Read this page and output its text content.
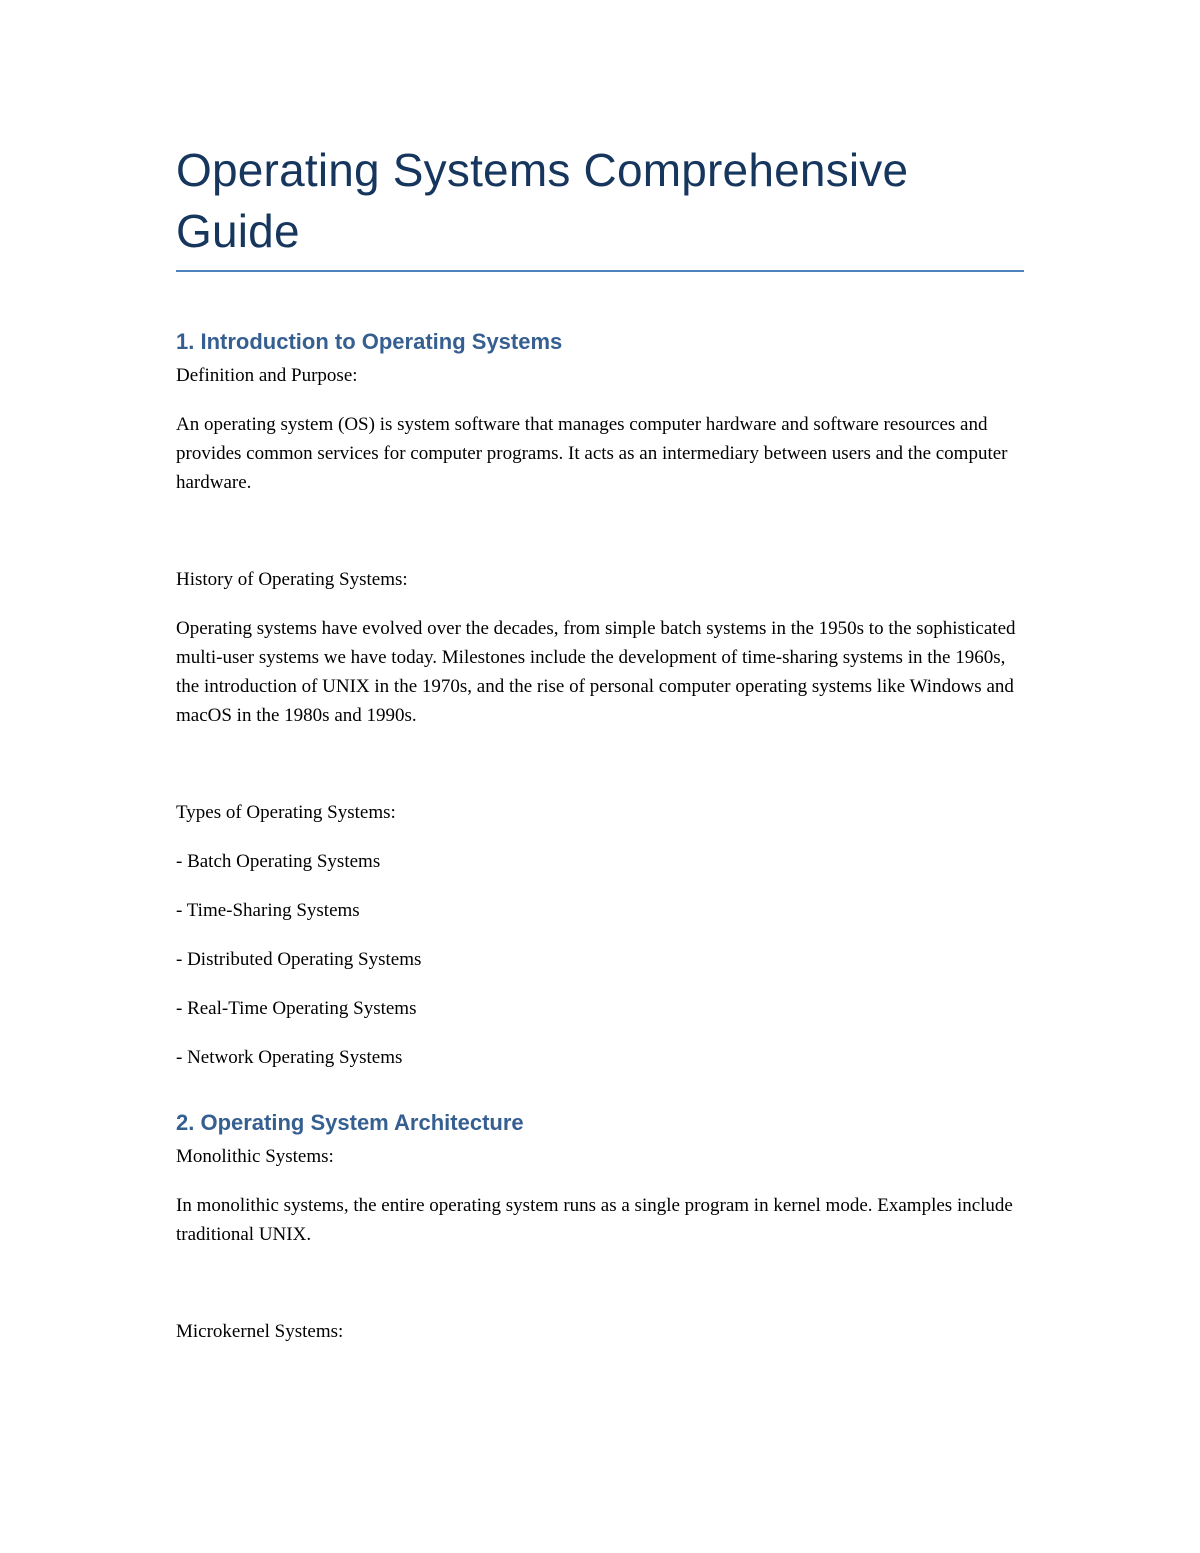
Operating Systems Comprehensive Guide
1. Introduction to Operating Systems

Definition and Purpose:

An operating system (OS) is system software that manages computer hardware and software resources and provides common services for computer programs. It acts as an intermediary between users and the computer hardware.

History of Operating Systems:

Operating systems have evolved over the decades, from simple batch systems in the 1950s to the sophisticated multi-user systems we have today. Milestones include the development of time-sharing systems in the 1960s, the introduction of UNIX in the 1970s, and the rise of personal computer operating systems like Windows and macOS in the 1980s and 1990s.

Types of Operating Systems:

- Batch Operating Systems

- Time-Sharing Systems

- Distributed Operating Systems

- Real-Time Operating Systems

- Network Operating Systems

2. Operating System Architecture

Monolithic Systems:

In monolithic systems, the entire operating system runs as a single program in kernel mode. Examples include traditional UNIX.

Microkernel Systems:
